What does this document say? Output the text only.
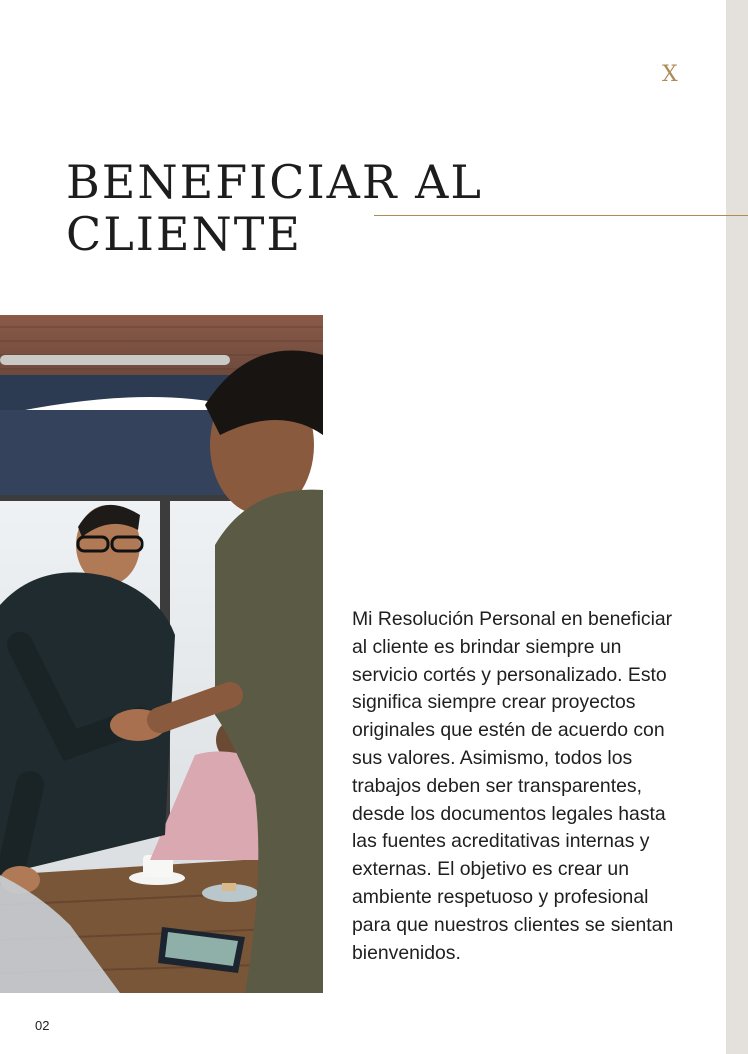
X
BENEFICIAR AL
CLIENTE

Mi Resolución Personal en beneficiar al cliente es brindar siempre un servicio cortés y personalizado. Esto significa siempre crear proyectos originales que estén de acuerdo con sus valores. Asimismo, todos los trabajos deben ser transparentes, desde los documentos legales hasta las fuentes acreditativas internas y externas. El objetivo es crear un ambiente respetuoso y profesional para que nuestros clientes se sientan bienvenidos.

02
